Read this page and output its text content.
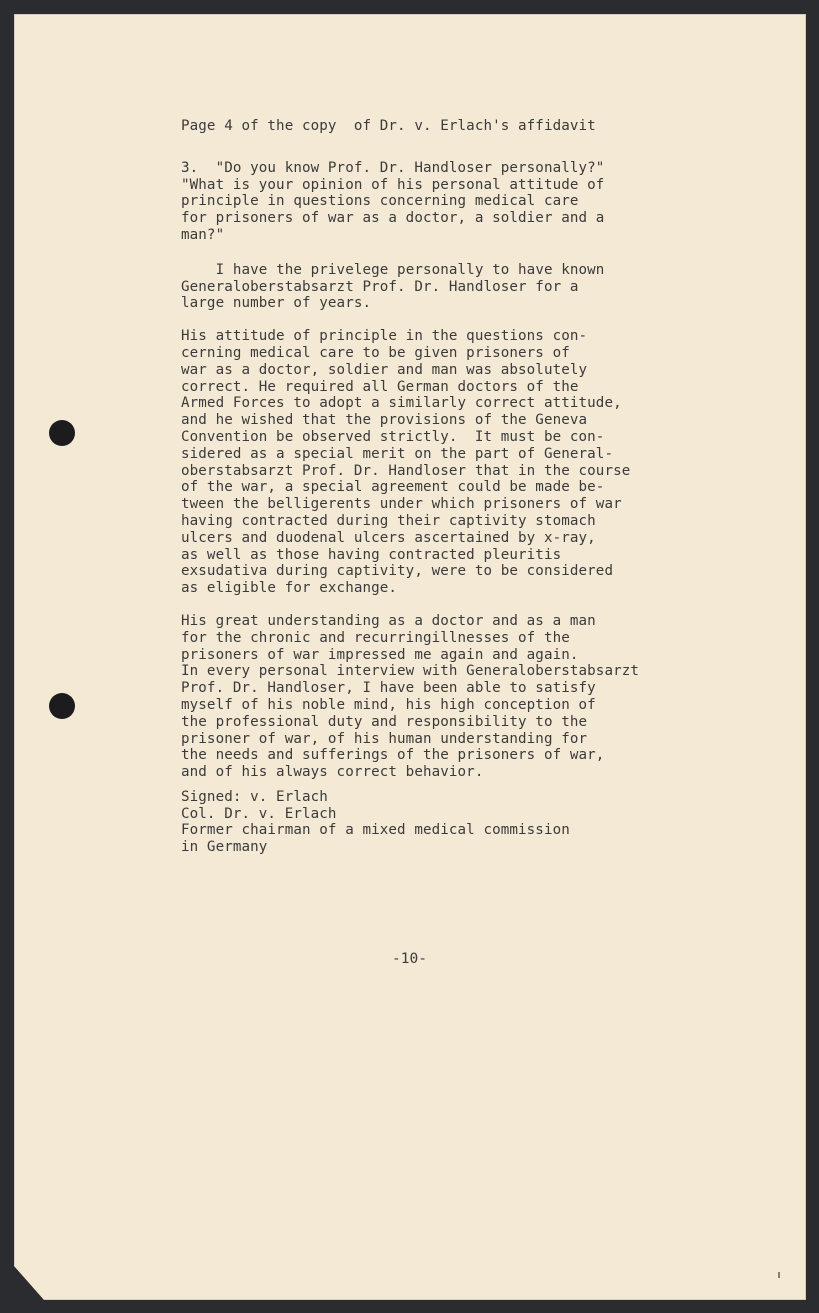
Page 4 of the copy  of Dr. v. Erlach's affidavit

3.  "Do you know Prof. Dr. Handloser personally?"
"What is your opinion of his personal attitude of
principle in questions concerning medical care
for prisoners of war as a doctor, a soldier and a
man?"

I have the privelege personally to have known
Generaloberstabsarzt Prof. Dr. Handloser for a
large number of years.

His attitude of principle in the questions con-
cerning medical care to be given prisoners of
war as a doctor, soldier and man was absolutely
correct. He required all German doctors of the
Armed Forces to adopt a similarly correct attitude,
and he wished that the provisions of the Geneva
Convention be observed strictly.  It must be con-
sidered as a special merit on the part of General-
oberstabsarzt Prof. Dr. Handloser that in the course
of the war, a special agreement could be made be-
tween the belligerents under which prisoners of war
having contracted during their captivity stomach
ulcers and duodenal ulcers ascertained by x-ray,
as well as those having contracted pleuritis
exsudativa during captivity, were to be considered
as eligible for exchange.

His great understanding as a doctor and as a man
for the chronic and recurringillnesses of the
prisoners of war impressed me again and again.
In every personal interview with Generaloberstabsarzt
Prof. Dr. Handloser, I have been able to satisfy
myself of his noble mind, his high conception of
the professional duty and responsibility to the
prisoner of war, of his human understanding for
the needs and sufferings of the prisoners of war,
and of his always correct behavior.

Signed: v. Erlach
Col. Dr. v. Erlach
Former chairman of a mixed medical commission
in Germany

-10-
